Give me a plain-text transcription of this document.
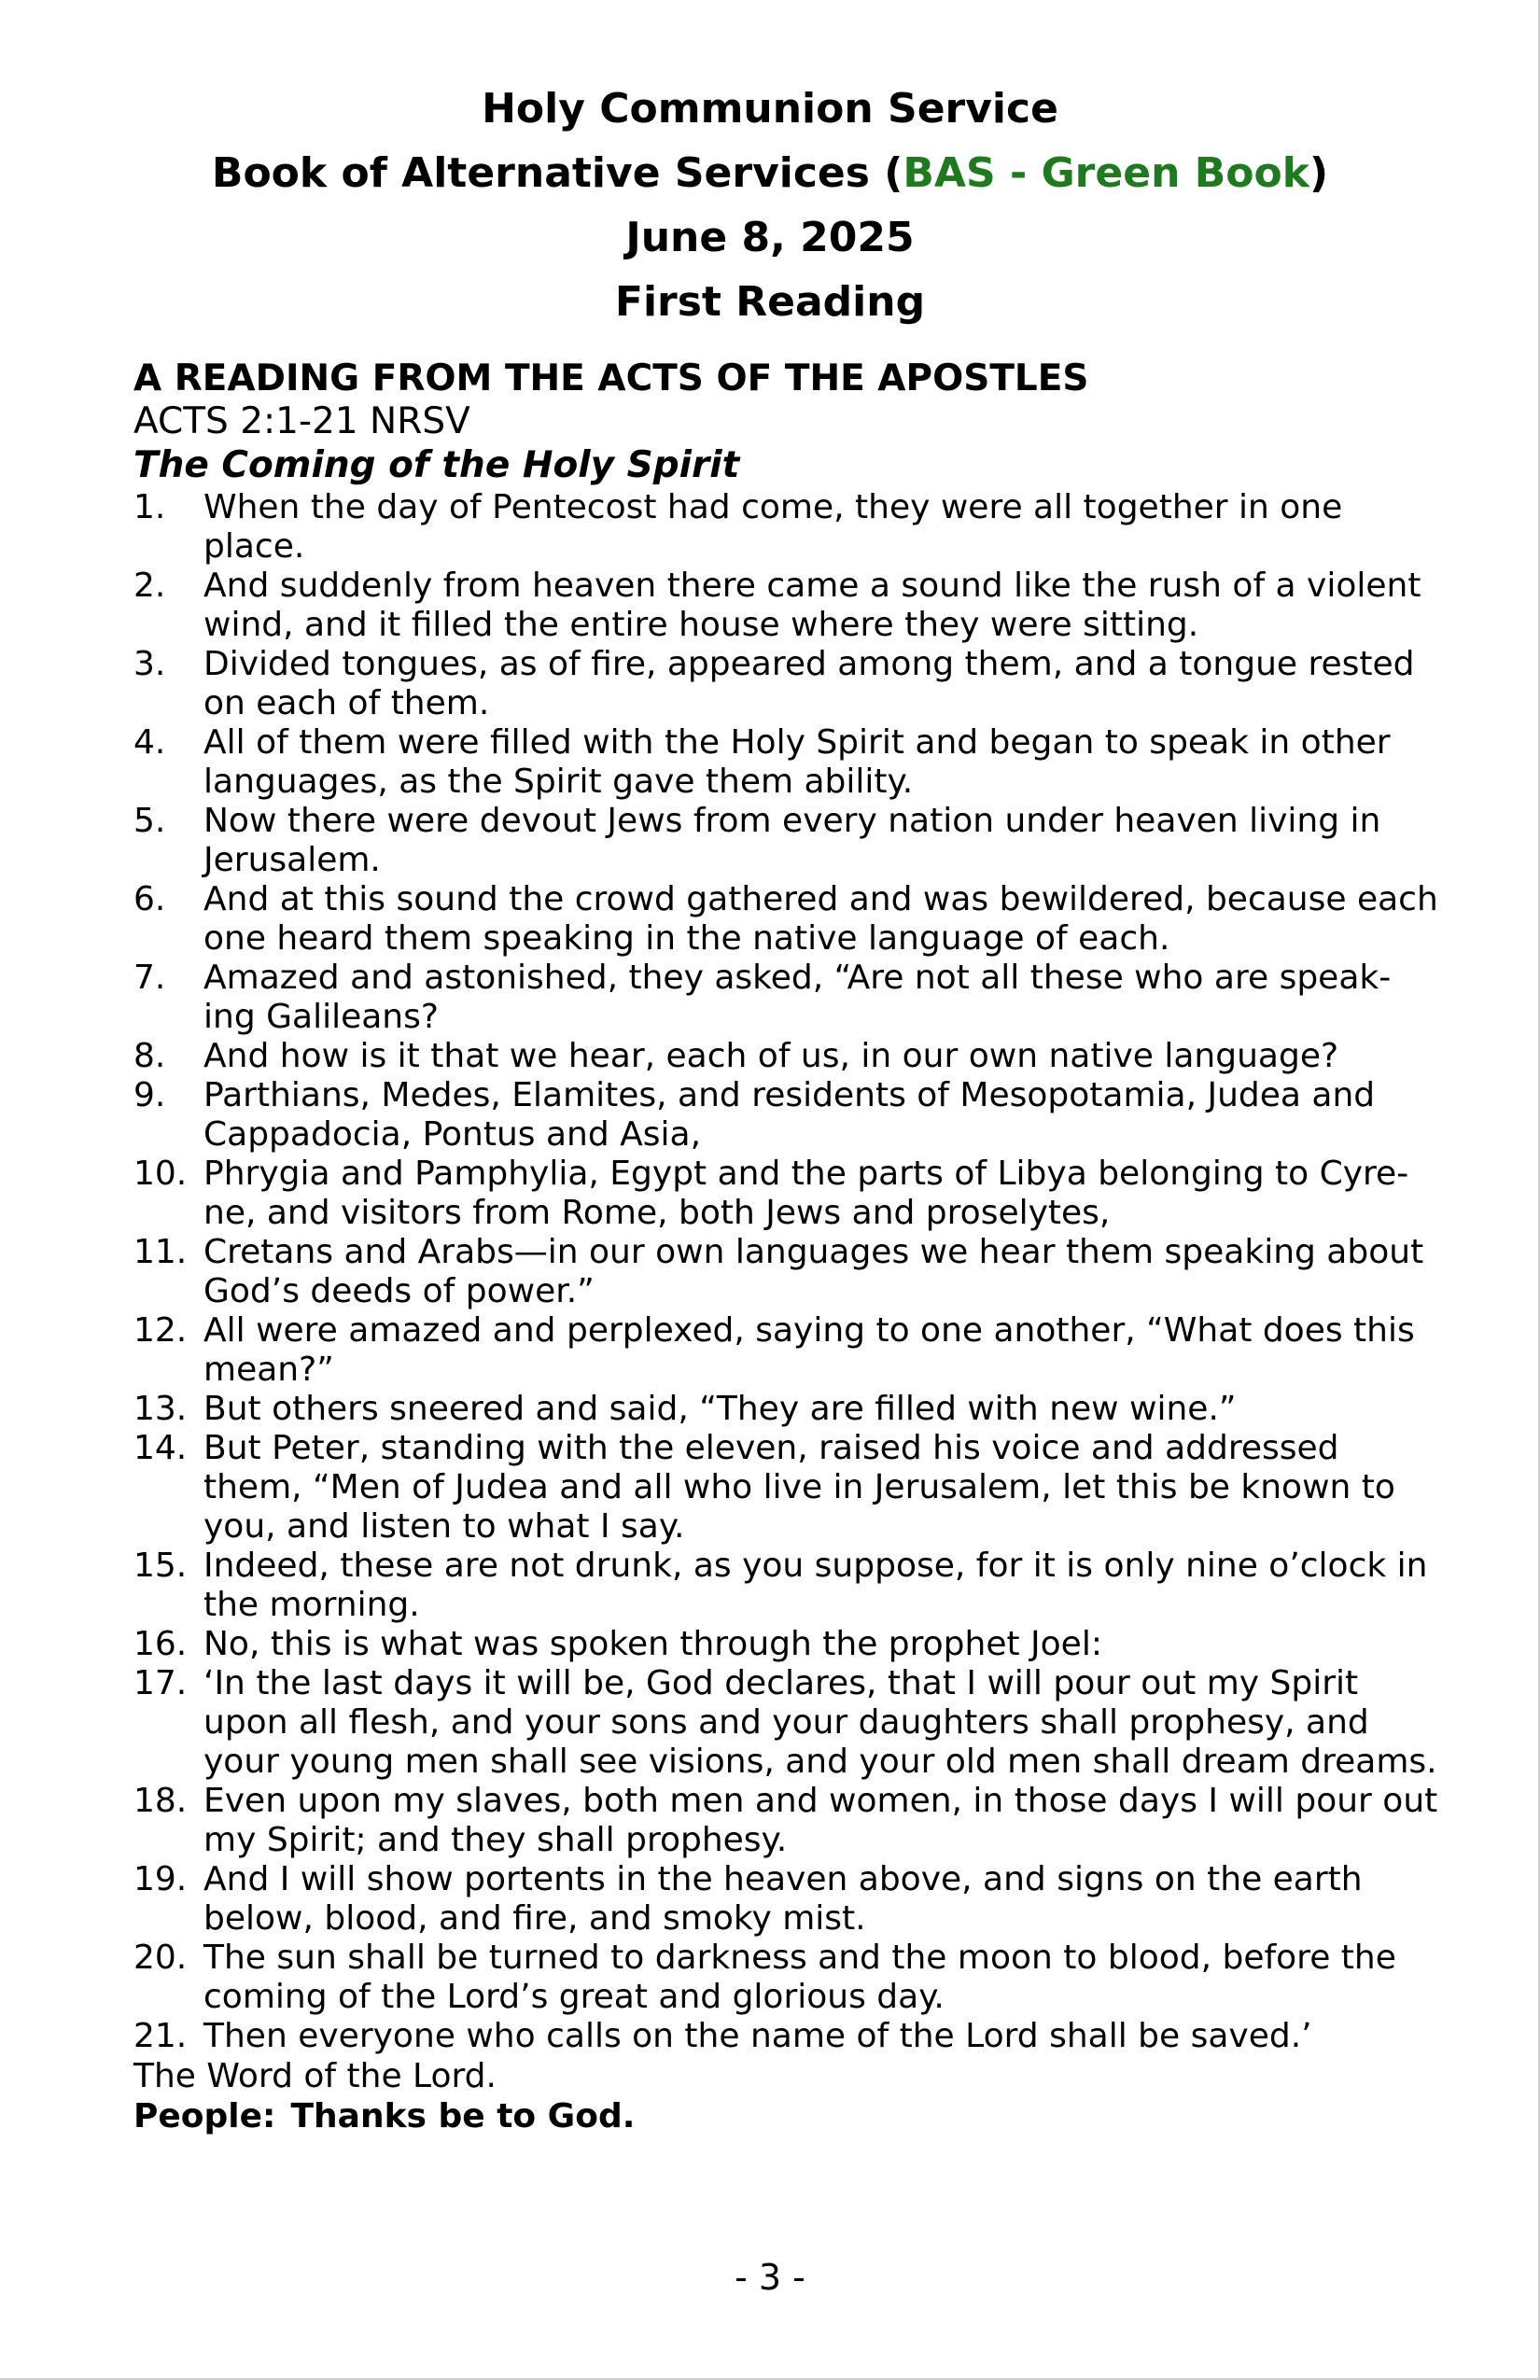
Holy Communion Service
Book of Alternative Services (BAS - Green Book)
June 8, 2025
First Reading
A READING FROM THE ACTS OF THE APOSTLES
ACTS 2:1-21 NRSV
The Coming of the Holy Spirit
1. When the day of Pentecost had come, they were all together in one place.
2. And suddenly from heaven there came a sound like the rush of a violent wind, and it filled the entire house where they were sitting.
3. Divided tongues, as of fire, appeared among them, and a tongue rested on each of them.
4. All of them were filled with the Holy Spirit and began to speak in other languages, as the Spirit gave them ability.
5. Now there were devout Jews from every nation under heaven living in Jerusalem.
6. And at this sound the crowd gathered and was bewildered, because each one heard them speaking in the native language of each.
7. Amazed and astonished, they asked, “Are not all these who are speak-ing Galileans?
8. And how is it that we hear, each of us, in our own native language?
9. Parthians, Medes, Elamites, and residents of Mesopotamia, Judea and Cappadocia, Pontus and Asia,
10. Phrygia and Pamphylia, Egypt and the parts of Libya belonging to Cyre-ne, and visitors from Rome, both Jews and proselytes,
11. Cretans and Arabs—in our own languages we hear them speaking about God’s deeds of power.”
12. All were amazed and perplexed, saying to one another, “What does this mean?”
13. But others sneered and said, “They are filled with new wine.”
14. But Peter, standing with the eleven, raised his voice and addressed them, “Men of Judea and all who live in Jerusalem, let this be known to you, and listen to what I say.
15. Indeed, these are not drunk, as you suppose, for it is only nine o’clock in the morning.
16. No, this is what was spoken through the prophet Joel:
17. ‘In the last days it will be, God declares, that I will pour out my Spirit upon all flesh, and your sons and your daughters shall prophesy, and your young men shall see visions, and your old men shall dream dreams.
18. Even upon my slaves, both men and women, in those days I will pour out my Spirit; and they shall prophesy.
19. And I will show portents in the heaven above, and signs on the earth below, blood, and fire, and smoky mist.
20. The sun shall be turned to darkness and the moon to blood, before the coming of the Lord’s great and glorious day.
21. Then everyone who calls on the name of the Lord shall be saved.’
The Word of the Lord.
People: Thanks be to God.
- 3 -
